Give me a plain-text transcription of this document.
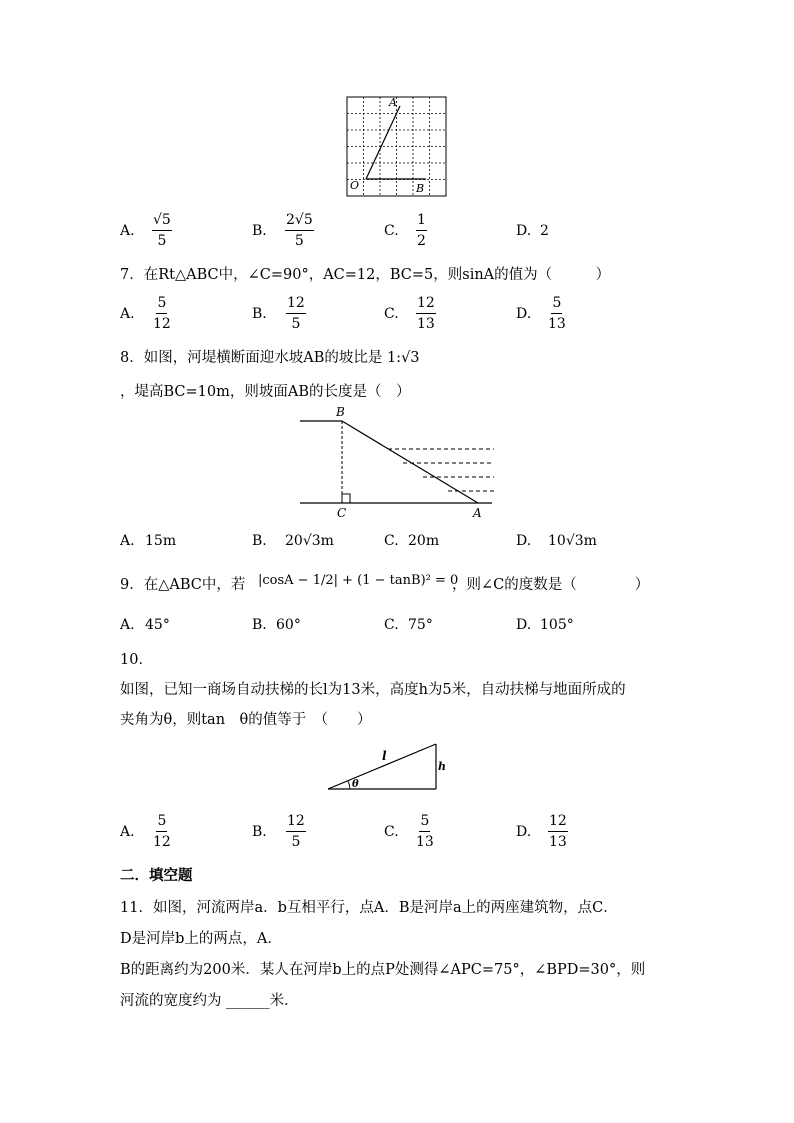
A
O	B
A. $\frac{√5}{5}$	B. $\frac{2√5}{5}$	C. $\frac{1}{2}$	D. 2
7．在Rt△ABC中，∠C=90°，AC=12，BC=5，则sinA的值为（　　　）
A. $\frac{5}{12}$	B. $\frac{12}{5}$	C. $\frac{12}{13}$	D. $\frac{5}{13}$
8．如图，河堤横断面迎水坡AB的坡比是 1:√3
，堤高BC=10m，则坡面AB的长度是（　）
B
C	A
A. 15m	B. 20√3m	C. 20m	D. 10√3m
9．在△ABC中，若 |cosA − 1/2| + (1 − tanB)² = 0
，则∠C的度数是（　　　　）
A. 45°	B. 60°	C. 75°	D. 105°
10．
如图，已知一商场自动扶梯的长l为13米，高度h为5米，自动扶梯与地面所成的
夹角为θ，则tan　θ的值等于　（　　）
l
h
θ
A. $\frac{5}{12}$	B. $\frac{12}{5}$	C. $\frac{5}{13}$	D. $\frac{12}{13}$
二．填空题
11．如图，河流两岸a．b互相平行，点A．B是河岸a上的两座建筑物，点C．
D是河岸b上的两点，A．
B的距离约为200米．某人在河岸b上的点P处测得∠APC=75°，∠BPD=30°，则
河流的宽度约为 ______米．
